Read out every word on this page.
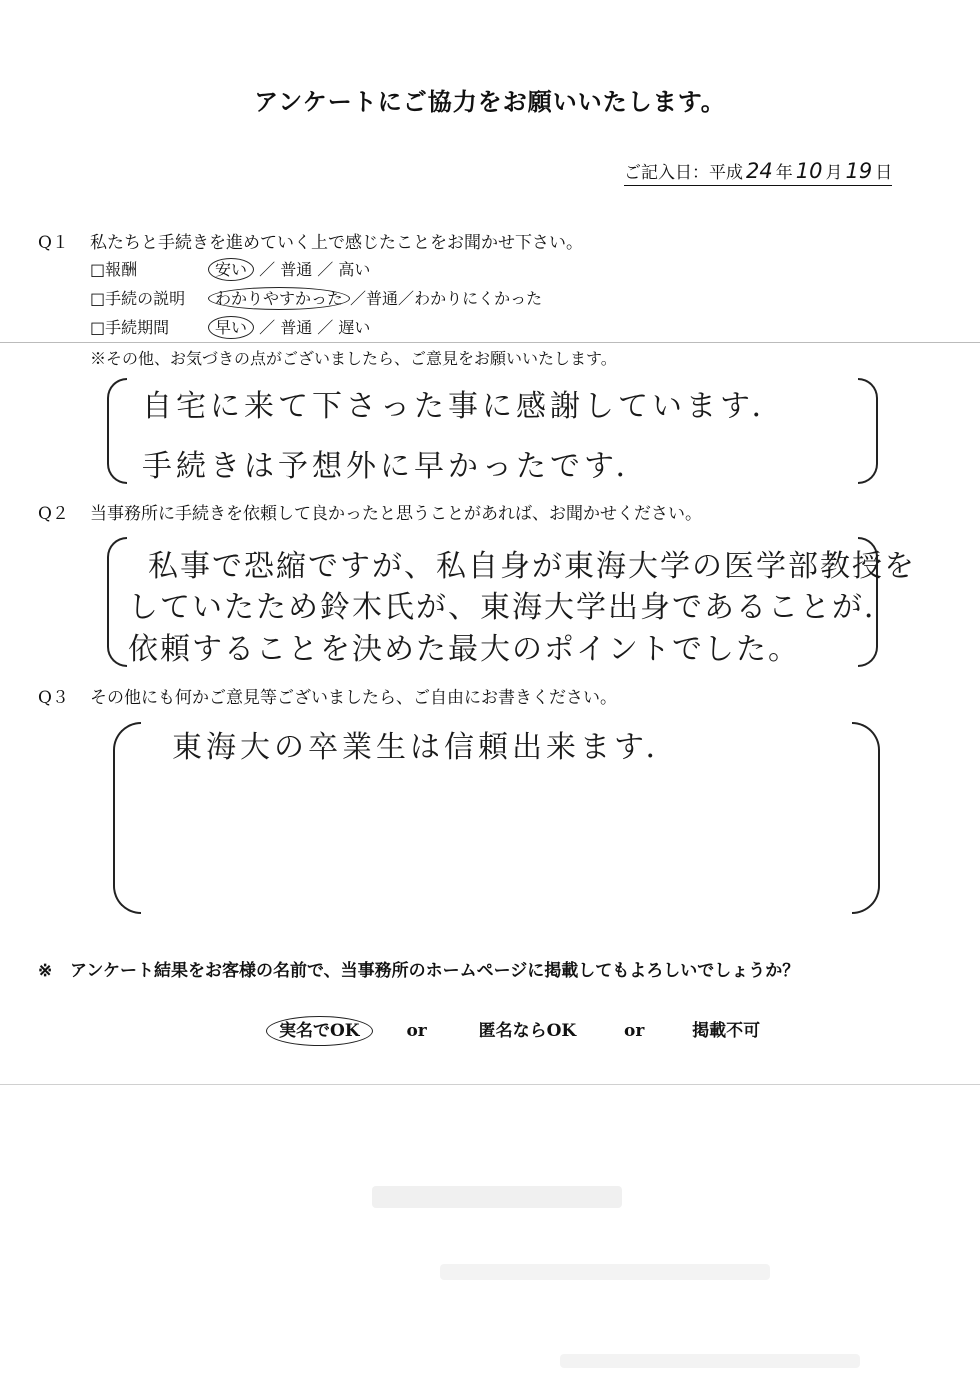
アンケートにご協力をお願いいたします。
ご記入日：平成 24 年 10 月 19 日
Q１ 私たちと手続きを進めていく上で感じたことをお聞かせ下さい。
□報酬	安い ／ 普通 ／ 高い
□手続の説明 わかりやすかった ／普通／わかりにくかった
□手続期間	早い ／ 普通 ／ 遅い
※その他、お気づきの点がございましたら、ご意見をお願いいたします。
自宅に来て下さった事に感謝しています．
手続きは予想外に早かったです．
Q２ 当事務所に手続きを依頼して良かったと思うことがあれば、お聞かせください。
私事で恐縮ですが、私自身が東海大学の医学部教授を
していたため鈴木氏が、東海大学出身であることが．
依頼することを決めた最大のポイントでした。
Q３ その他にも何かご意見等ございましたら、ご自由にお書きください。
東海大の卒業生は信頼出来ます．
※ アンケート結果をお客様の名前で、当事務所のホームページに掲載してもよろしいでしょうか？
実名でOK	or	匿名ならOK	or	掲載不可
